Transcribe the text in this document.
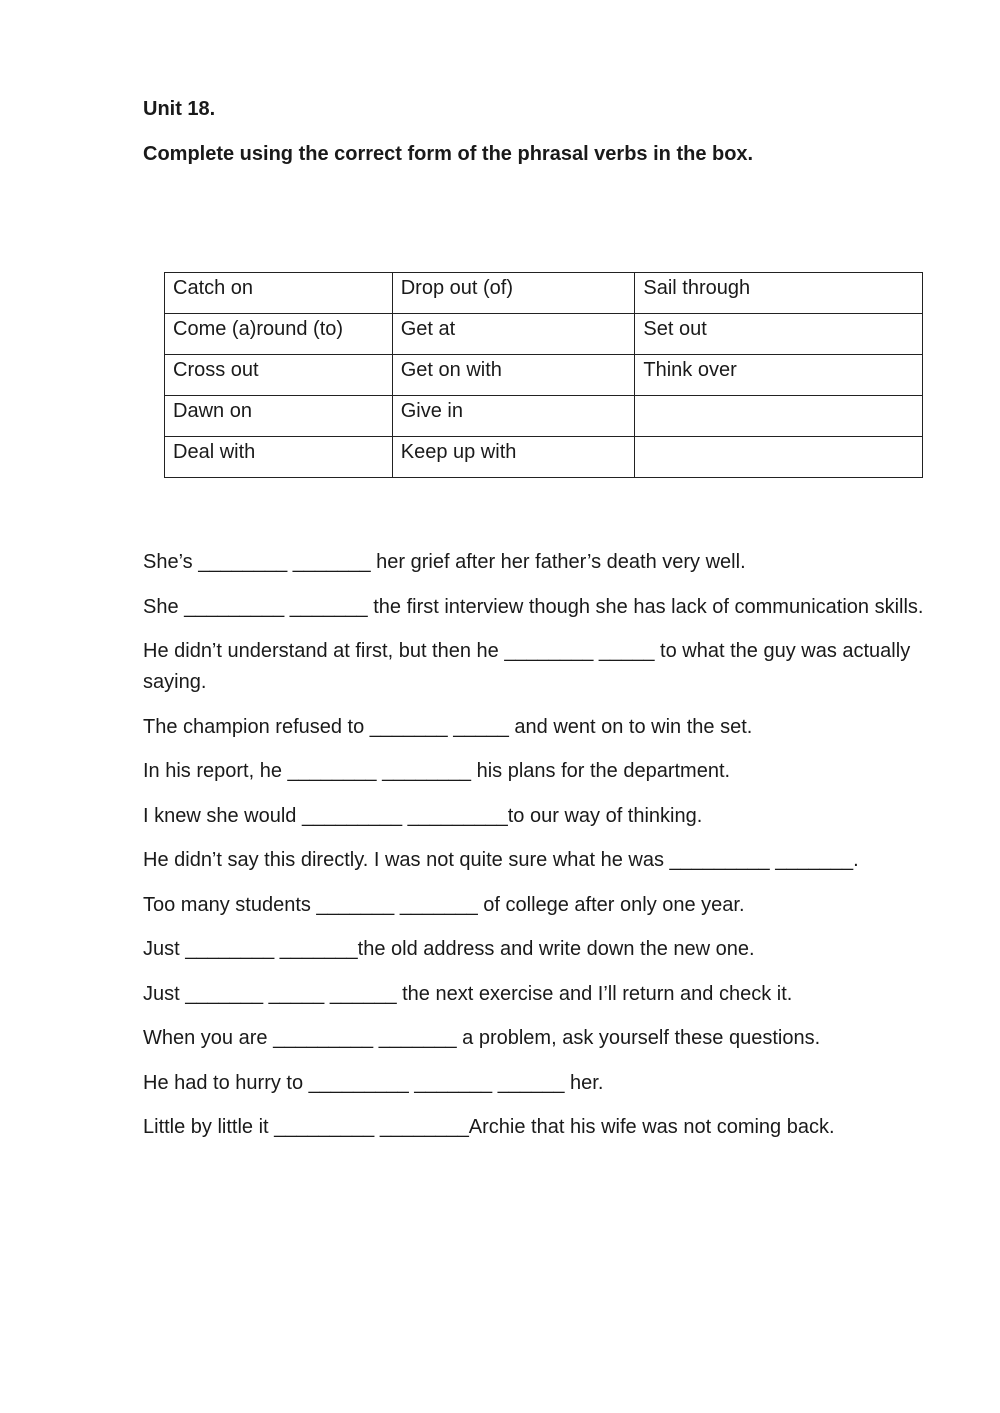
Unit 18.

Complete using the correct form of the phrasal verbs in the box.

Catch on	Drop out (of)	Sail through
Come (a)round (to)	Get at	Set out
Cross out	Get on with	Think over
Dawn on	Give in	
Deal with	Keep up with	
She’s ________ _______ her grief after her father’s death very well.
She _________ _______ the first interview though she has lack of communication skills.
He didn’t understand at first, but then he ________ _____ to what the guy was actually saying.
The champion refused to _______ _____ and went on to win the set.
In his report, he ________ ________ his plans for the department.
I knew she would _________ _________to our way of thinking.
He didn’t say this directly. I was not quite sure what he was _________ _______.
Too many students _______ _______ of college after only one year.
Just ________ _______the old address and write down the new one.
Just _______ _____ ______ the next exercise and I’ll return and check it.
When you are _________ _______ a problem, ask yourself these questions.
He had to hurry to _________ _______ ______ her.
Little by little it _________ ________Archie that his wife was not coming back.
